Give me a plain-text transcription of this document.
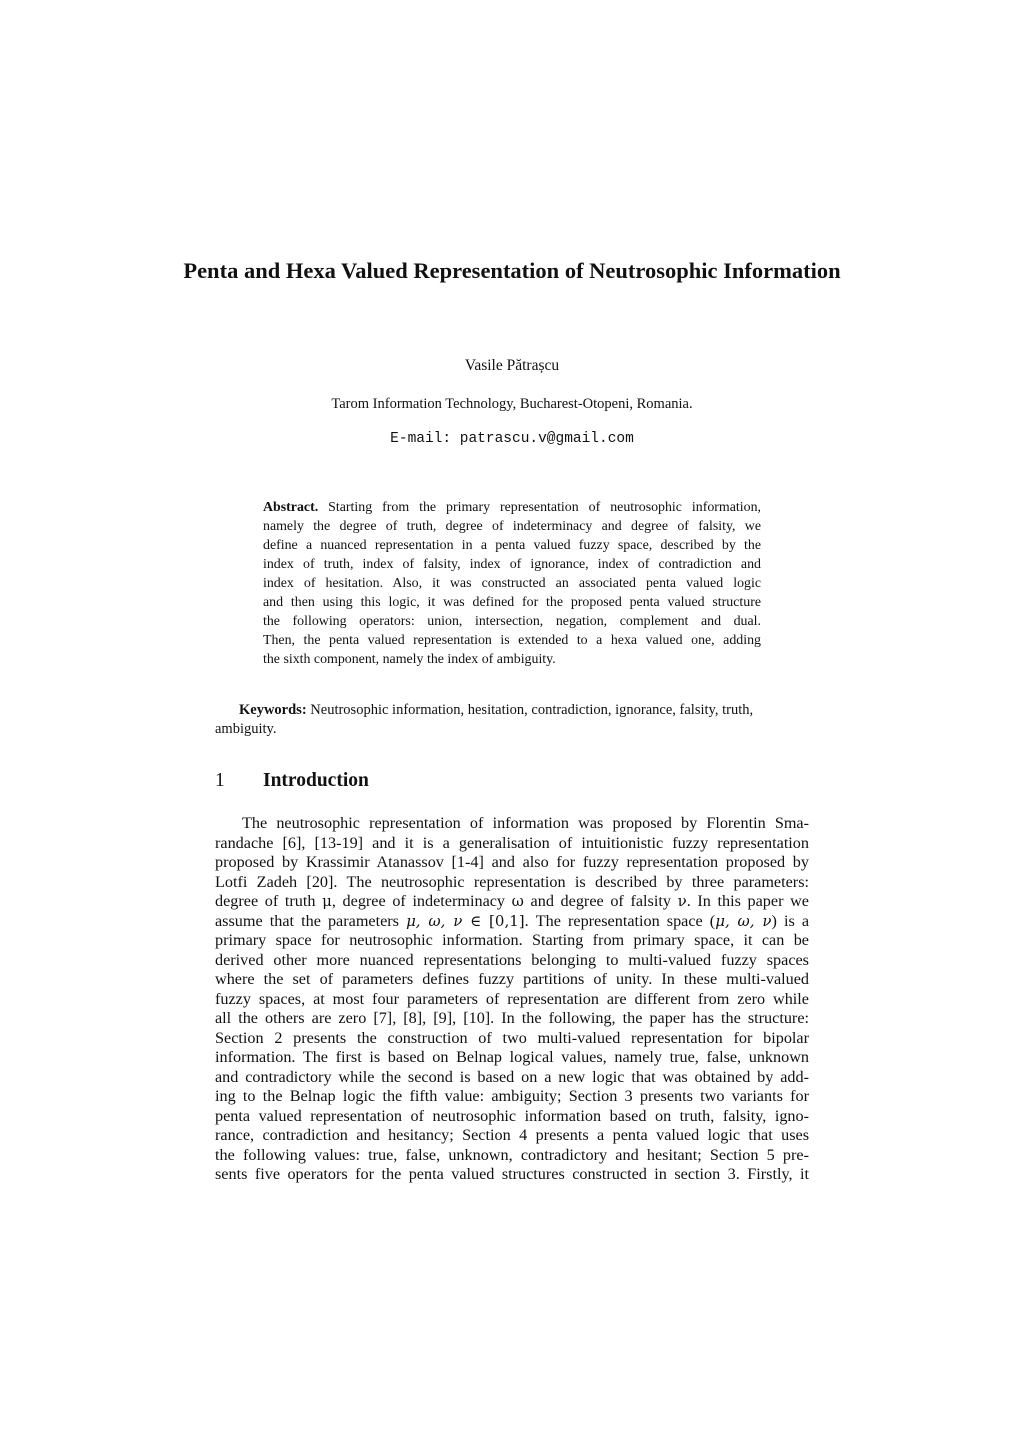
Penta and Hexa Valued Representation of Neutrosophic Information
Vasile Pătrașcu
Tarom Information Technology, Bucharest-Otopeni, Romania.
E-mail: patrascu.v@gmail.com
Abstract. Starting from the primary representation of neutrosophic information,
namely the degree of truth, degree of indeterminacy and degree of falsity, we
define a nuanced representation in a penta valued fuzzy space, described by the
index of truth, index of falsity, index of ignorance, index of contradiction and
index of hesitation. Also, it was constructed an associated penta valued logic
and then using this logic, it was defined for the proposed penta valued structure
the following operators: union, intersection, negation, complement and dual.
Then, the penta valued representation is extended to a hexa valued one, adding
the sixth component, namely the index of ambiguity.
Keywords: Neutrosophic information, hesitation, contradiction, ignorance, falsity, truth,
ambiguity.
1 Introduction
The neutrosophic representation of information was proposed by Florentin Sma-
randache [6], [13-19] and it is a generalisation of intuitionistic fuzzy representation
proposed by Krassimir Atanassov [1-4] and also for fuzzy representation proposed by
Lotfi Zadeh [20]. The neutrosophic representation is described by three parameters:
degree of truth μ, degree of indeterminacy ω and degree of falsity ν. In this paper we
assume that the parameters μ, ω, ν ∈ [0,1]. The representation space (μ, ω, ν) is a
primary space for neutrosophic information. Starting from primary space, it can be
derived other more nuanced representations belonging to multi-valued fuzzy spaces
where the set of parameters defines fuzzy partitions of unity. In these multi-valued
fuzzy spaces, at most four parameters of representation are different from zero while
all the others are zero [7], [8], [9], [10]. In the following, the paper has the structure:
Section 2 presents the construction of two multi-valued representation for bipolar
information. The first is based on Belnap logical values, namely true, false, unknown
and contradictory while the second is based on a new logic that was obtained by add-
ing to the Belnap logic the fifth value: ambiguity; Section 3 presents two variants for
penta valued representation of neutrosophic information based on truth, falsity, igno-
rance, contradiction and hesitancy; Section 4 presents a penta valued logic that uses
the following values: true, false, unknown, contradictory and hesitant; Section 5 pre-
sents five operators for the penta valued structures constructed in section 3. Firstly, it
